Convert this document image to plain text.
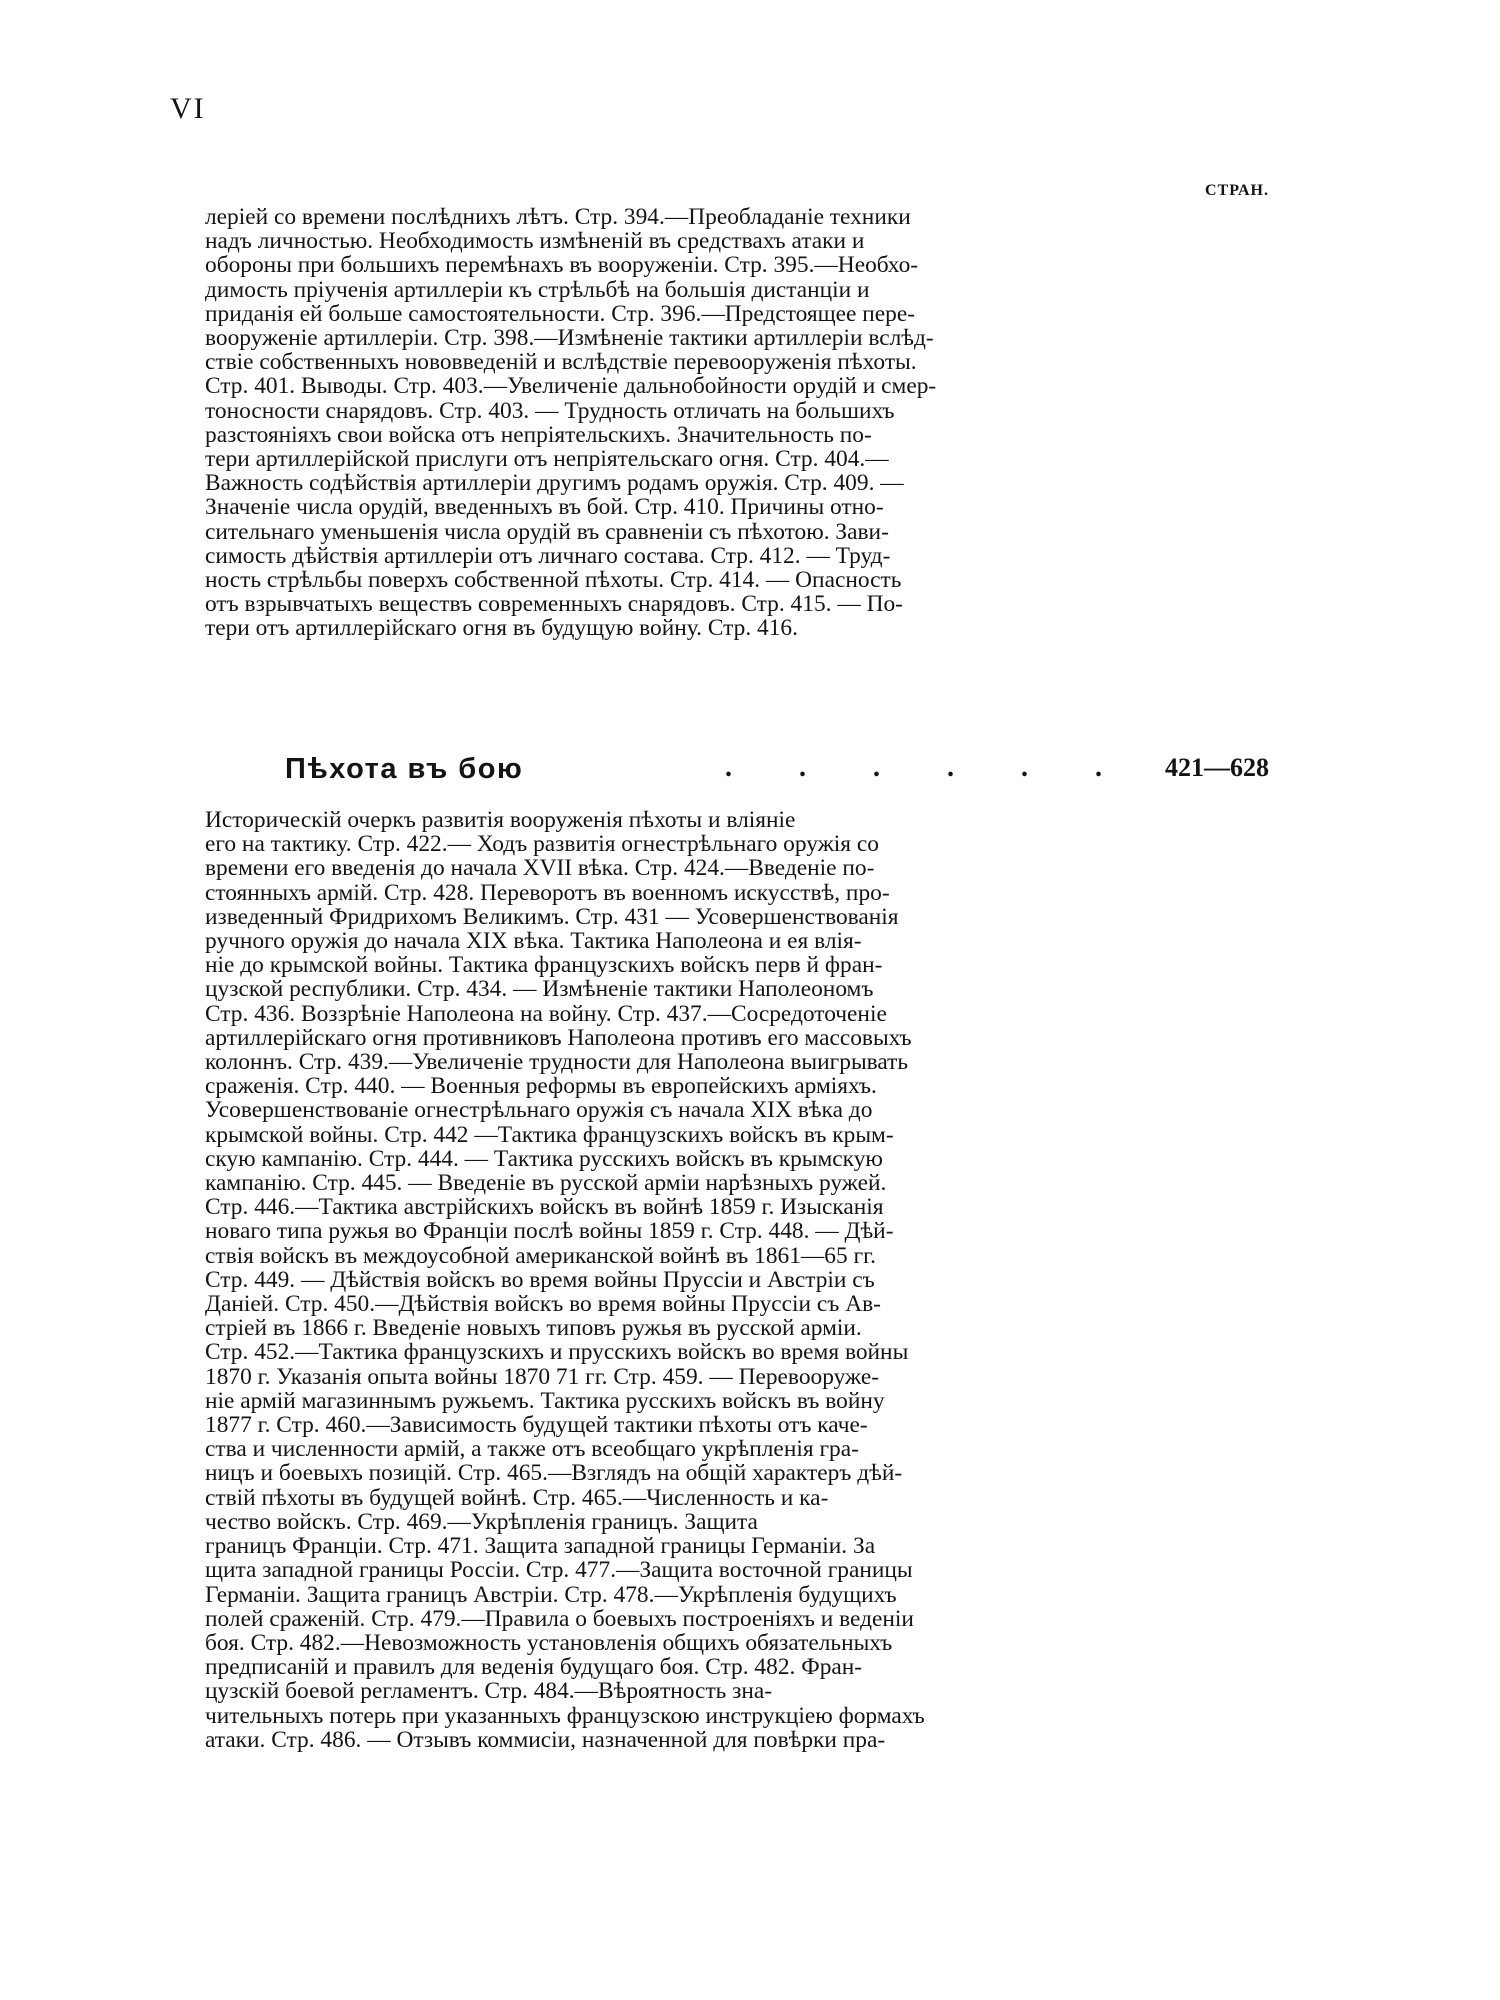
VI
СТРАН.
леріей со времени послѣднихъ лѣтъ. Стр. 394.—Преобладаніе техники
надъ личностью. Необходимость измѣненій въ средствахъ атаки и
обороны при большихъ перемѣнахъ въ вооруженіи. Стр. 395.—Необхо-
димость пріученія артиллеріи къ стрѣльбѣ на большія дистанціи и
приданія ей больше самостоятельности. Стр. 396.—Предстоящее пере-
вооруженіе артиллеріи. Стр. 398.—Измѣненіе тактики артиллеріи вслѣд-
ствіе собственныхъ нововведеній и вслѣдствіе перевооруженія пѣхоты.
Стр. 401. Выводы. Стр. 403.—Увеличеніе дальнобойности орудій и смер-
тоносности снарядовъ. Стр. 403. — Трудность отличать на большихъ
разстояніяхъ свои войска отъ непріятельскихъ. Значительность по-
тери артиллерійской прислуги отъ непріятельскаго огня. Стр. 404.—
Важность содѣйствія артиллеріи другимъ родамъ оружія. Стр. 409. —
Значеніе числа орудій, введенныхъ въ бой. Стр. 410. Причины отно-
сительнаго уменьшенія числа орудій въ сравненіи съ пѣхотою. Зави-
симость дѣйствія артиллеріи отъ личнаго состава. Стр. 412. — Труд-
ность стрѣльбы поверхъ собственной пѣхоты. Стр. 414. — Опасность
отъ взрывчатыхъ веществъ современныхъ снарядовъ. Стр. 415. — По-
тери отъ артиллерійскаго огня въ будущую войну. Стр. 416.
Пѣхота въ бою	. . . . . . 421—628
Историческій очеркъ развитія вооруженія пѣхоты и вліяніе
его на тактику. Стр. 422.— Ходъ развитія огнестрѣльнаго оружія со
времени его введенія до начала XVII вѣка. Стр. 424.—Введеніе по-
стоянныхъ армій. Стр. 428. Переворотъ въ военномъ искусствѣ, про-
изведенный Фридрихомъ Великимъ. Стр. 431 — Усовершенствованія
ручного оружія до начала XIX вѣка. Тактика Наполеона и ея влія-
ніе до крымской войны. Тактика французскихъ войскъ перв й фран-
цузской республики. Стр. 434. — Измѣненіе тактики Наполеономъ
Стр. 436. Воззрѣніе Наполеона на войну. Стр. 437.—Сосредоточеніе
артиллерійскаго огня противниковъ Наполеона противъ его массовыхъ
колоннъ. Стр. 439.—Увеличеніе трудности для Наполеона выигрывать
сраженія. Стр. 440. — Военныя реформы въ европейскихъ арміяхъ.
Усовершенствованіе огнестрѣльнаго оружія съ начала XIX вѣка до
крымской войны. Стр. 442 —Тактика французскихъ войскъ въ крым-
скую кампанію. Стр. 444. — Тактика русскихъ войскъ въ крымскую
кампанію. Стр. 445. — Введеніе въ русской арміи нарѣзныхъ ружей.
Стр. 446.—Тактика австрійскихъ войскъ въ войнѣ 1859 г. Изысканія
новаго типа ружья во Франціи послѣ войны 1859 г. Стр. 448. — Дѣй-
ствія войскъ въ междоусобной американской войнѣ въ 1861—65 гг.
Стр. 449. — Дѣйствія войскъ во время войны Пруссіи и Австріи съ
Даніей. Стр. 450.—Дѣйствія войскъ во время войны Пруссіи съ Ав-
стріей въ 1866 г. Введеніе новыхъ типовъ ружья въ русской арміи.
Стр. 452.—Тактика французскихъ и прусскихъ войскъ во время войны
1870 г. Указанія опыта войны 1870 71 гг. Стр. 459. — Перевооруже-
ніе армій магазиннымъ ружьемъ. Тактика русскихъ войскъ въ войну
1877 г. Стр. 460.—Зависимость будущей тактики пѣхоты отъ каче-
ства и численности армій, а также отъ всеобщаго укрѣпленія гра-
ницъ и боевыхъ позицій. Стр. 465.—Взглядъ на общій характеръ дѣй-
ствій пѣхоты въ будущей войнѣ. Стр. 465.—Численность и ка-
чество войскъ. Стр. 469.—Укрѣпленія границъ. Защита
границъ Франціи. Стр. 471. Защита западной границы Германіи. За
щита западной границы Россіи. Стр. 477.—Защита восточной границы
Германіи. Защита границъ Австріи. Стр. 478.—Укрѣпленія будущихъ
полей сраженій. Стр. 479.—Правила о боевыхъ построеніяхъ и веденіи
боя. Стр. 482.—Невозможность установленія общихъ обязательныхъ
предписаній и правилъ для веденія будущаго боя. Стр. 482. Фран-
цузскій боевой регламентъ. Стр. 484.—Вѣроятность зна-
чительныхъ потерь при указанныхъ французскою инструкціею формахъ
атаки. Стр. 486. — Отзывъ коммисіи, назначенной для повѣрки пра-
